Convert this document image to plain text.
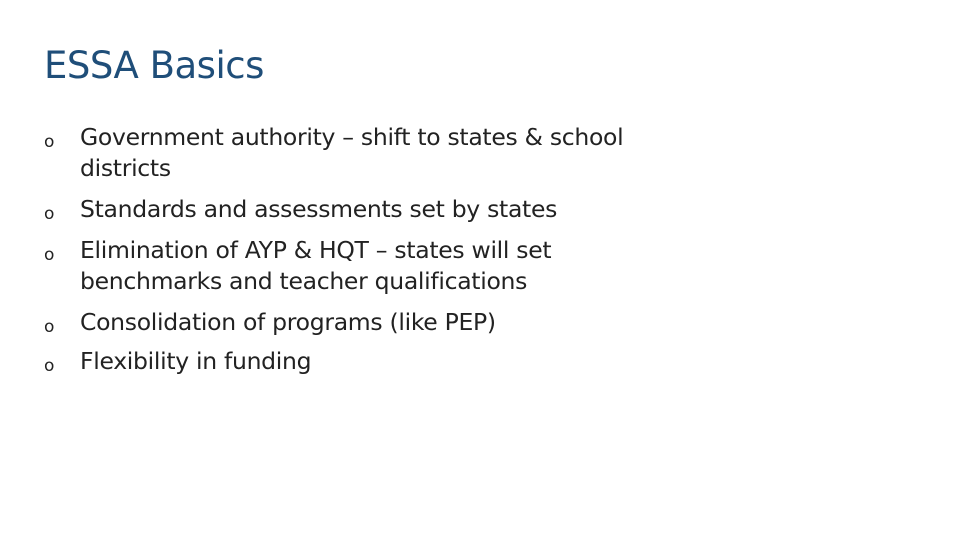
ESSA Basics
o Government authority – shift to states & school districts
o Standards and assessments set by states
o Elimination of AYP & HQT – states will set benchmarks and teacher qualifications
o Consolidation of programs (like PEP)
o Flexibility in funding
